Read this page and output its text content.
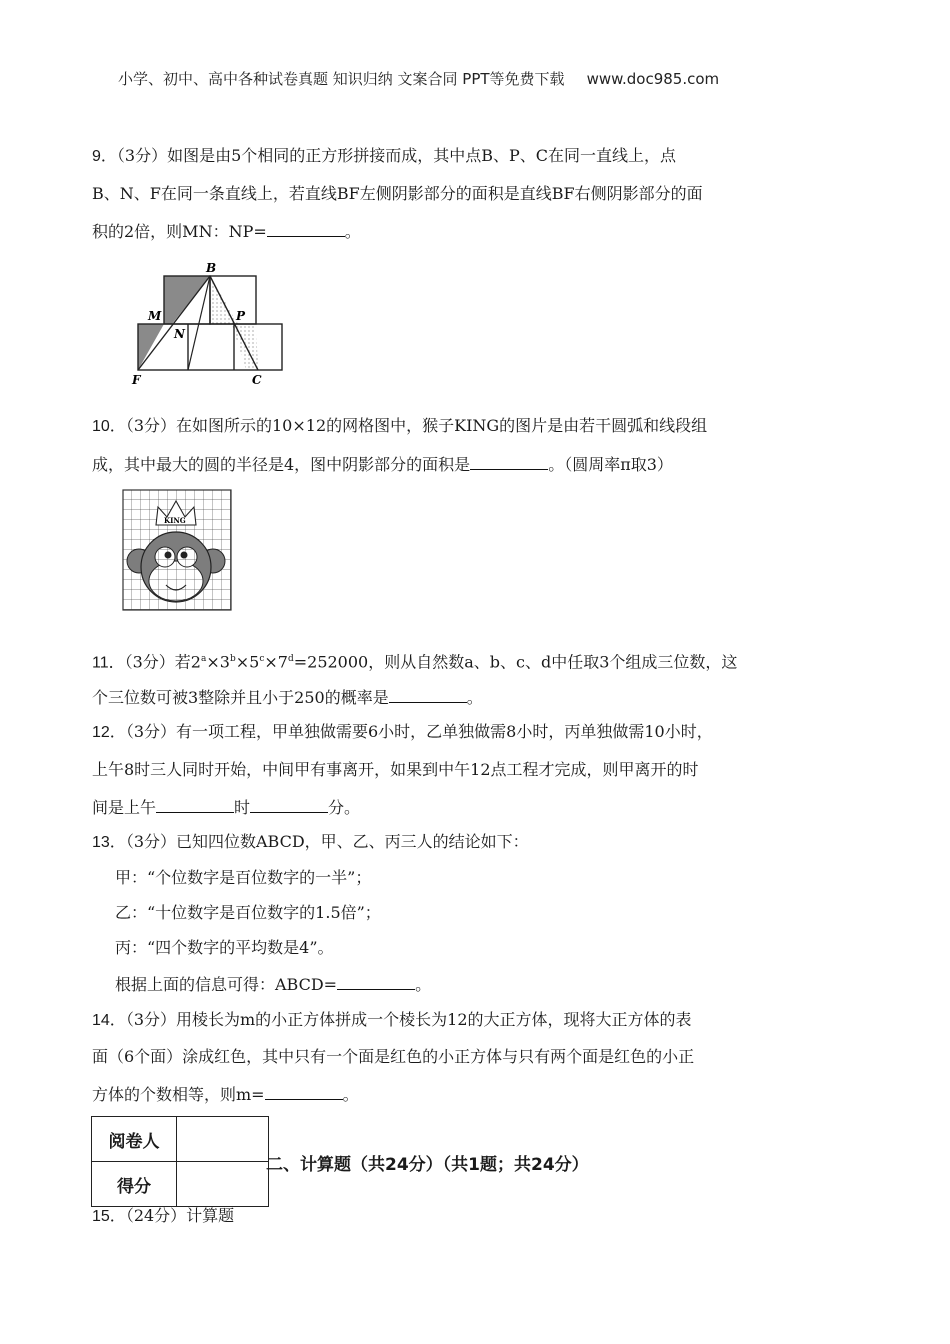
小学、初中、高中各种试卷真题 知识归纳 文案合同 PPT等免费下载 www.doc985.com
9．（3分）如图是由5个相同的正方形拼接而成，其中点B、P、C在同一直线上，点
B、N、F在同一条直线上，若直线BF左侧阴影部分的面积是直线BF右侧阴影部分的面
积的2倍，则MN：NP=	。
B
M
N
P
F	C
10．（3分）在如图所示的10×12的网格图中，猴子KING的图片是由若干圆弧和线段组
成，其中最大的圆的半径是4，图中阴影部分的面积是	。（圆周率π取3）
KING
11．（3分）若$2^a\times 3^b\times 5^c\times 7^d=252000$，则从自然数a、b、c、d中任取3个组成三位数，这
个三位数可被3整除并且小于250的概率是	。
12．（3分）有一项工程，甲单独做需要6小时，乙单独做需8小时，丙单独做需10小时，
上午8时三人同时开始，中间甲有事离开，如果到中午12点工程才完成，则甲离开的时
间是上午	时	分。
13．（3分）已知四位数ABCD，甲、乙、丙三人的结论如下：
甲：“个位数字是百位数字的一半”；
乙：“十位数字是百位数字的1.5倍”；
丙：“四个数字的平均数是4”。
根据上面的信息可得：ABCD=	。
14．（3分）用棱长为m的小正方体拼成一个棱长为12的大正方体，现将大正方体的表
面（6个面）涂成红色，其中只有一个面是红色的小正方体与只有两个面是红色的小正
方体的个数相等，则m=	。
阅卷人	
得分	
二、计算题（共24分）（共1题；共24分）
15．（24分）计算题
